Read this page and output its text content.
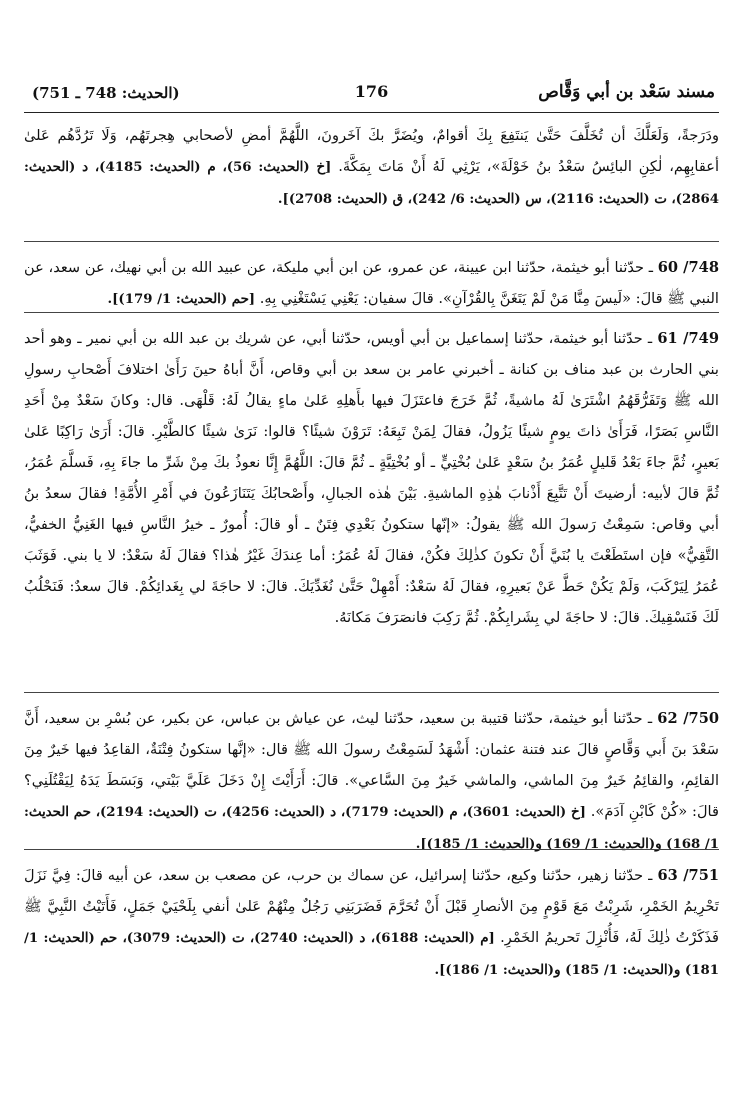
(الحديث: 748 ـ 751)	176	مسند سَعْد بن أبي وَقَّاص

ودَرَجةً، وَلَعَلَّكَ أن تُخَلَّفَ حَتَّىٰ يَنتَفِعَ بِكَ أقوامٌ، ويُضَرَّ بكَ آخَرونَ، اللَّهُمَّ أمضِ لأصحابي هِجرتَهُم، وَلَا تَرُدَّهُم عَلىٰ أعقابِهِم، لٰكِنِ البائِسُ سَعْدُ بنُ خَوْلَةَ»، يَرْثِي لَهُ أَنْ مَاتَ بِمَكَّةَ. [خ (الحديث: 56)، م (الحديث: 4185)، د (الحديث: 2864)، ت (الحديث: 2116)، س (الحديث: 6/ 242)، ق (الحديث: 2708)].

748/ 60 ـ حدّثنا أبو خيثمة، حدّثنا ابن عيينة، عن عمرو، عن ابن أبي مليكة، عن عبيد الله بن أبي نهيك، عن سعد، عن النبي ﷺ قالَ: «لَيسَ مِنَّا مَنْ لَمْ يَتَغَنَّ بِالقُرْآنِ». قالَ سفيان: يَعْنِي يَسْتَغْنِي بِهِ. [حم (الحديث: 1/ 179)].

749/ 61 ـ حدّثنا أبو خيثمة، حدّثنا إسماعيل بن أبي أويس، حدّثنا أبي، عن شريك بن عبد الله بن أبي نمير ـ وهو أحد بني الحارث بن عبد مناف بن كنانة ـ أخبرني عامر بن سعد بن أبي وقاص، أَنَّ أباهُ حينَ رَأَىٰ اختلافَ أَصْحابِ رسولِ الله ﷺ وَتَفَرُّقَهُمُ اشْتَرَىٰ لَهُ ماشيةً، ثُمَّ خَرَجَ فاعتَزَلَ فيها بأَهلِهِ عَلىٰ ماءٍ يقالُ لَهُ: قَلْهَى. قال: وكانَ سَعْدٌ مِنْ أَحَدِ النَّاسِ بَصَرًا، فَرَأَىٰ ذاتَ يومٍ شيئًا يَزُولُ، فقالَ لِمَنْ تَبِعَهُ: تَرَوْنَ شيئًا؟ قالوا: نَرَىٰ شيئًا كالطَّيْرِ. قالَ: أَرَىٰ رَاكِبًا عَلىٰ بَعيرٍ، ثُمَّ جاءَ بَعْدُ قَليلٍ عُمَرُ بنُ سَعْدٍ عَلىٰ بُخْتِيٍّ ـ أو بُخْتِيَّةٍ ـ ثُمَّ قالَ: اللَّهُمَّ إِنَّا نعوذُ بكَ مِنْ شَرِّ ما جاءَ بِهِ، فَسلَّمَ عُمَرُ، ثُمَّ قالَ لأبيه: أرضيتَ أَنْ تَتَّبِعَ أَذْنابَ هٰذِهِ الماشيةِ. بَيْنَ هٰذه الجبالِ، وأَصْحابُكَ يَتَنَازَعُونَ في أَمْرِ الأُمَّةِ! فقالَ سعدُ بنُ أبي وقاص: سَمِعْتُ رَسولَ الله ﷺ يقولُ: «إنّها ستكونُ بَعْدِي فِتَنٌ ـ أو قالَ: أُمورٌ ـ خيرُ النَّاسِ فيها الغَنِيُّ الخفيُّ، التَّقِيُّ» فإن استَطَعْتَ يا بُنَيَّ أَنْ تكونَ كذٰلِكَ فكُنْ، فقالَ لَهُ عُمَرُ: أما عِندَكَ غَيْرُ هٰذا؟ فقالَ لَهُ سَعْدٌ: لا يا بني. فَوَثَبَ عُمَرُ لِيَرْكَبَ، وَلَمْ يَكُنْ حَطَّ عَنْ بَعيرِهِ، فقالَ لَهُ سَعْدٌ: أَمْهِلْ حَتَّىٰ نُغَدِّيَكَ. قالَ: لا حاجَةَ لي بِغَدائِكُمْ. قالَ سعدٌ: فَنَحْلُبُ لَكَ فَنَسْقِيكَ. قالَ: لا حاجَةَ لي بِشَرابِكُمْ. ثُمَّ رَكِبَ فانصَرَفَ مَكانَهُ.

750/ 62 ـ حدّثنا أبو خيثمة، حدّثنا قتيبة بن سعيد، حدّثنا ليث، عن عياش بن عباس، عن بكير، عن بُسْرِ بن سعيد، أَنَّ سَعْدَ بنَ أَبي وَقَّاصٍ قالَ عند فتنة عثمان: أَشْهَدُ لَسَمِعْتُ رسولَ الله ﷺ قال: «إنَّها ستكونُ فِتْنَةٌ، القاعِدُ فيها خَيرٌ مِنَ القائِمِ، والقائِمُ خَيرٌ مِنَ الماشي، والماشي خَيرٌ مِنَ السَّاعي». قالَ: أَرَأَيْتَ إِنْ دَخَلَ عَلَيَّ بَيْتي، وَبَسَطَ يَدَهُ لِيَقْتُلَنِي؟ قالَ: «كُنْ كَابْنِ آدَمَ». [خ (الحديث: 3601)، م (الحديث: 7179)، د (الحديث: 4256)، ت (الحديث: 2194)، حم الحديث: 1/ 168) و(الحديث: 1/ 169) و(الحديث: 1/ 185)].

751/ 63 ـ حدّثنا زهير، حدّثنا وكيع، حدّثنا إسرائيل، عن سماك بن حرب، عن مصعب بن سعد، عن أبيه قالَ: فِيَّ نَزَلَ تَحْرِيمُ الخَمْرِ، شَرِبْتُ مَعَ قَوْمٍ مِنَ الأنصارِ قَبْلَ أَنْ تُحَرَّمَ فَضَرَبَنِي رَجُلٌ مِنْهُمْ عَلىٰ أنفي بِلَحْيَيْ جَمَلٍ، فَأَتَيْتُ النَّبِيَّ ﷺ فَذَكَرْتُ ذٰلِكَ لَهُ، فَأُنْزِلَ تَحريمُ الخَمْرِ. [م (الحديث: 6188)، د (الحديث: 2740)، ت (الحديث: 3079)، حم (الحديث: 1/ 181) و(الحديث: 1/ 185) و(الحديث: 1/ 186)].
